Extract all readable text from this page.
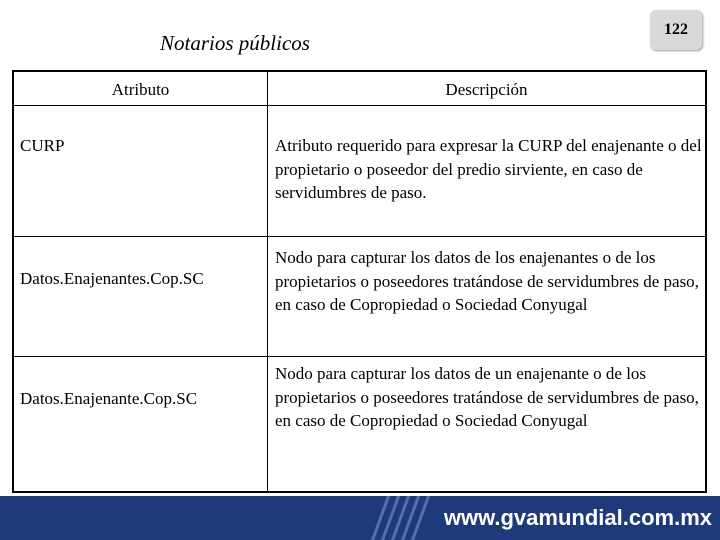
Notarios públicos
122
Atributo	Descripción
CURP	Atributo requerido para expresar la CURP del enajenante o del propietario o poseedor del predio sirviente, en caso de servidumbres de paso.
Datos.Enajenantes.Cop.SC
Nodo para capturar los datos de los enajenantes o de los propietarios o poseedores tratándose de servidumbres de paso, en caso de Copropiedad o Sociedad Conyugal
Datos.Enajenante.Cop.SC
Nodo para capturar los datos de un enajenante o de los propietarios o poseedores tratándose de servidumbres de paso, en caso de Copropiedad o Sociedad Conyugal
www.gvamundial.com.mx
